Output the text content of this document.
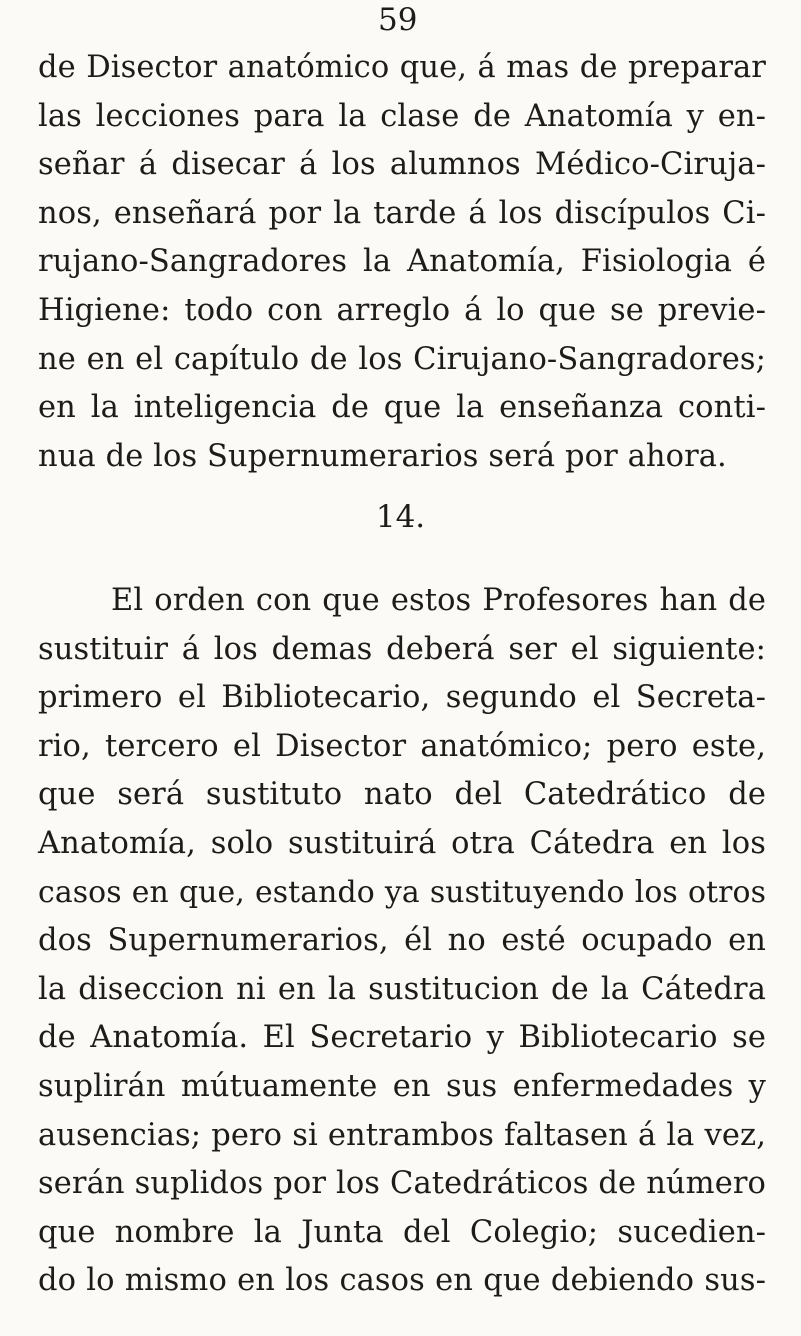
59
de Disector anatómico que, á mas de preparar
las lecciones para la clase de Anatomía y en-
señar á disecar á los alumnos Médico-Ciruja-
nos, enseñará por la tarde á los discípulos Ci-
rujano-Sangradores la Anatomía, Fisiologia é
Higiene: todo con arreglo á lo que se previe-
ne en el capítulo de los Cirujano-Sangradores;
en la inteligencia de que la enseñanza conti-
nua de los Supernumerarios será por ahora.
14.
El orden con que estos Profesores han de
sustituir á los demas deberá ser el siguiente:
primero el Bibliotecario, segundo el Secreta-
rio, tercero el Disector anatómico; pero este,
que será sustituto nato del Catedrático de
Anatomía, solo sustituirá otra Cátedra en los
casos en que, estando ya sustituyendo los otros
dos Supernumerarios, él no esté ocupado en
la diseccion ni en la sustitucion de la Cátedra
de Anatomía. El Secretario y Bibliotecario se
suplirán mútuamente en sus enfermedades y
ausencias; pero si entrambos faltasen á la vez,
serán suplidos por los Catedráticos de número
que nombre la Junta del Colegio; sucedien-
do lo mismo en los casos en que debiendo sus-
